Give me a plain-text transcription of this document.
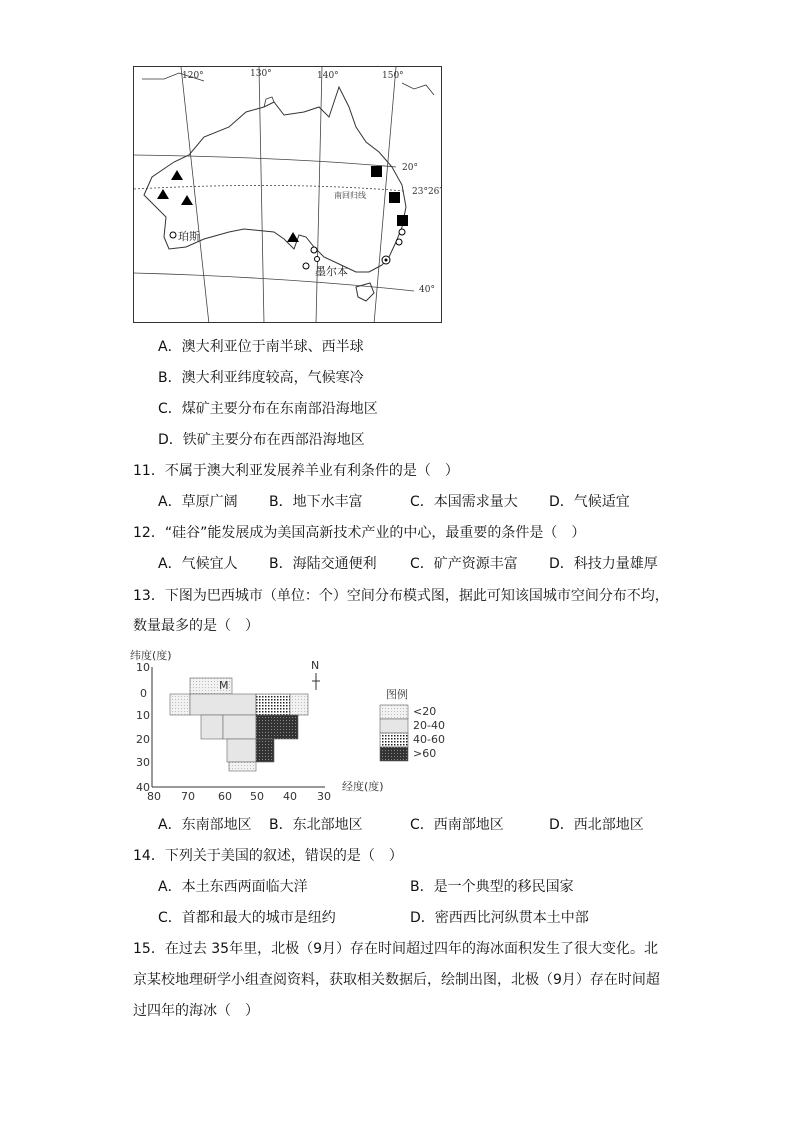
120°	130°	140°	150°
20°
23°26′
40°
南回归线
珀斯
墨尔本
A．澳大利亚位于南半球、西半球
B．澳大利亚纬度较高，气候寒冷
C．煤矿主要分布在东南部沿海地区
D．铁矿主要分布在西部沿海地区
11．不属于澳大利亚发展养羊业有利条件的是（　）
A．草原广阔 B．地下水丰富	C．本国需求量大 D．气候适宜
12．“硅谷”能发展成为美国高新技术产业的中心，最重要的条件是（　）
A．气候宜人 B．海陆交通便利 C．矿产资源丰富 D．科技力量雄厚
13．下图为巴西城市（单位：个）空间分布模式图，据此可知该国城市空间分布不均，
数量最多的是（　）
纬度(度)
10
0
10
20
30
40
80 70 60 50 40 30
经度(度)
M
N
图例
<20
20-40
40-60
>60
A．东南部地区 B．东北部地区	C．西南部地区	D．西北部地区
14．下列关于美国的叙述，错误的是（　）
A．本土东西两面临大洋	B．是一个典型的移民国家
C．首都和最大的城市是纽约	D．密西西比河纵贯本土中部
15．在过去 35年里，北极（9月）存在时间超过四年的海冰面积发生了很大变化。北
京某校地理研学小组查阅资料，获取相关数据后，绘制出图，北极（9月）存在时间超
过四年的海冰（　）
